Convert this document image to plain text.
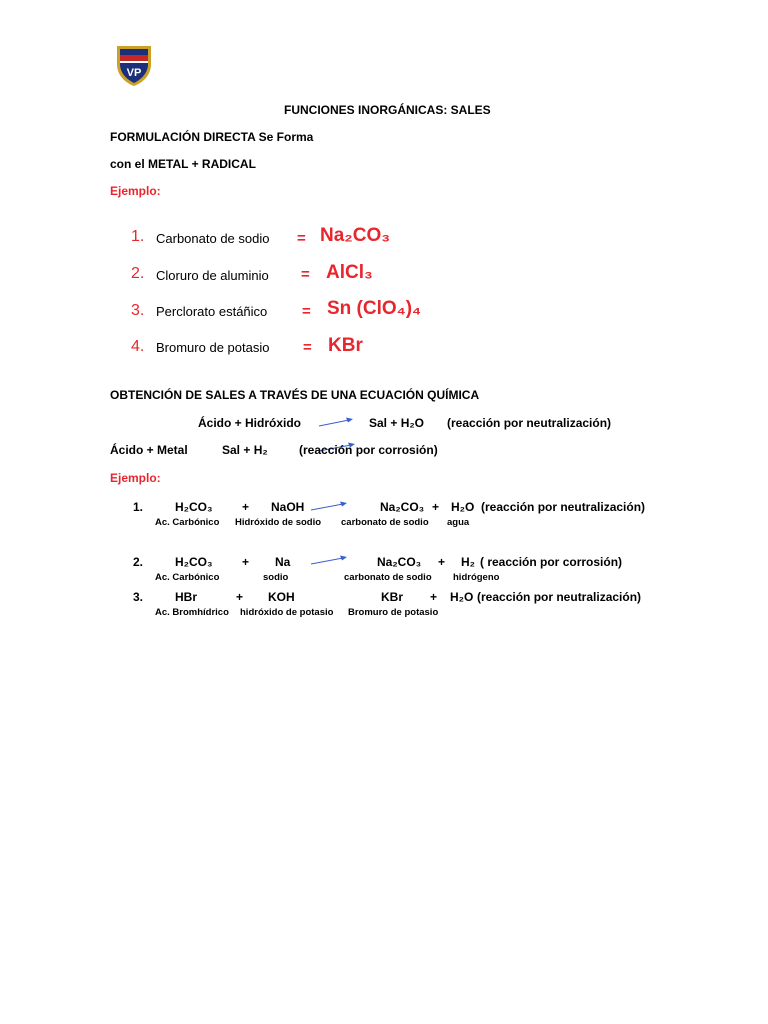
VP
FUNCIONES INORGÁNICAS: SALES
FORMULACIÓN DIRECTA Se Forma
con el METAL + RADICAL
Ejemplo:
1. Carbonato de sodio = Na₂CO₃
2. Cloruro de aluminio = AlCl₃
3. Perclorato estáñico = Sn (ClO₄)₄
4. Bromuro de potasio = KBr
OBTENCIÓN DE SALES A TRAVÉS DE UNA ECUACIÓN QUÍMICA
Ácido + Hidróxido	Sal + H₂O (reacción por neutralización)
Ácido + Metal	Sal + H₂	(reacción por corrosión)
Ejemplo:
1.	H₂CO₃ + NaOH	Na₂CO₃ + H₂O (reacción por neutralización)
Ac. Carbónico Hidróxido de sodio carbonato de sodio agua
2.	H₂CO₃ + Na	Na₂CO₃ + H₂ ( reacción por corrosión)
Ac. Carbónico	sodio	carbonato de sodio hidrógeno
3.	HBr	+ KOH	KBr + H₂O (reacción por neutralización)
Ac. Bromhídrico hidróxido de potasio Bromuro de potasio
